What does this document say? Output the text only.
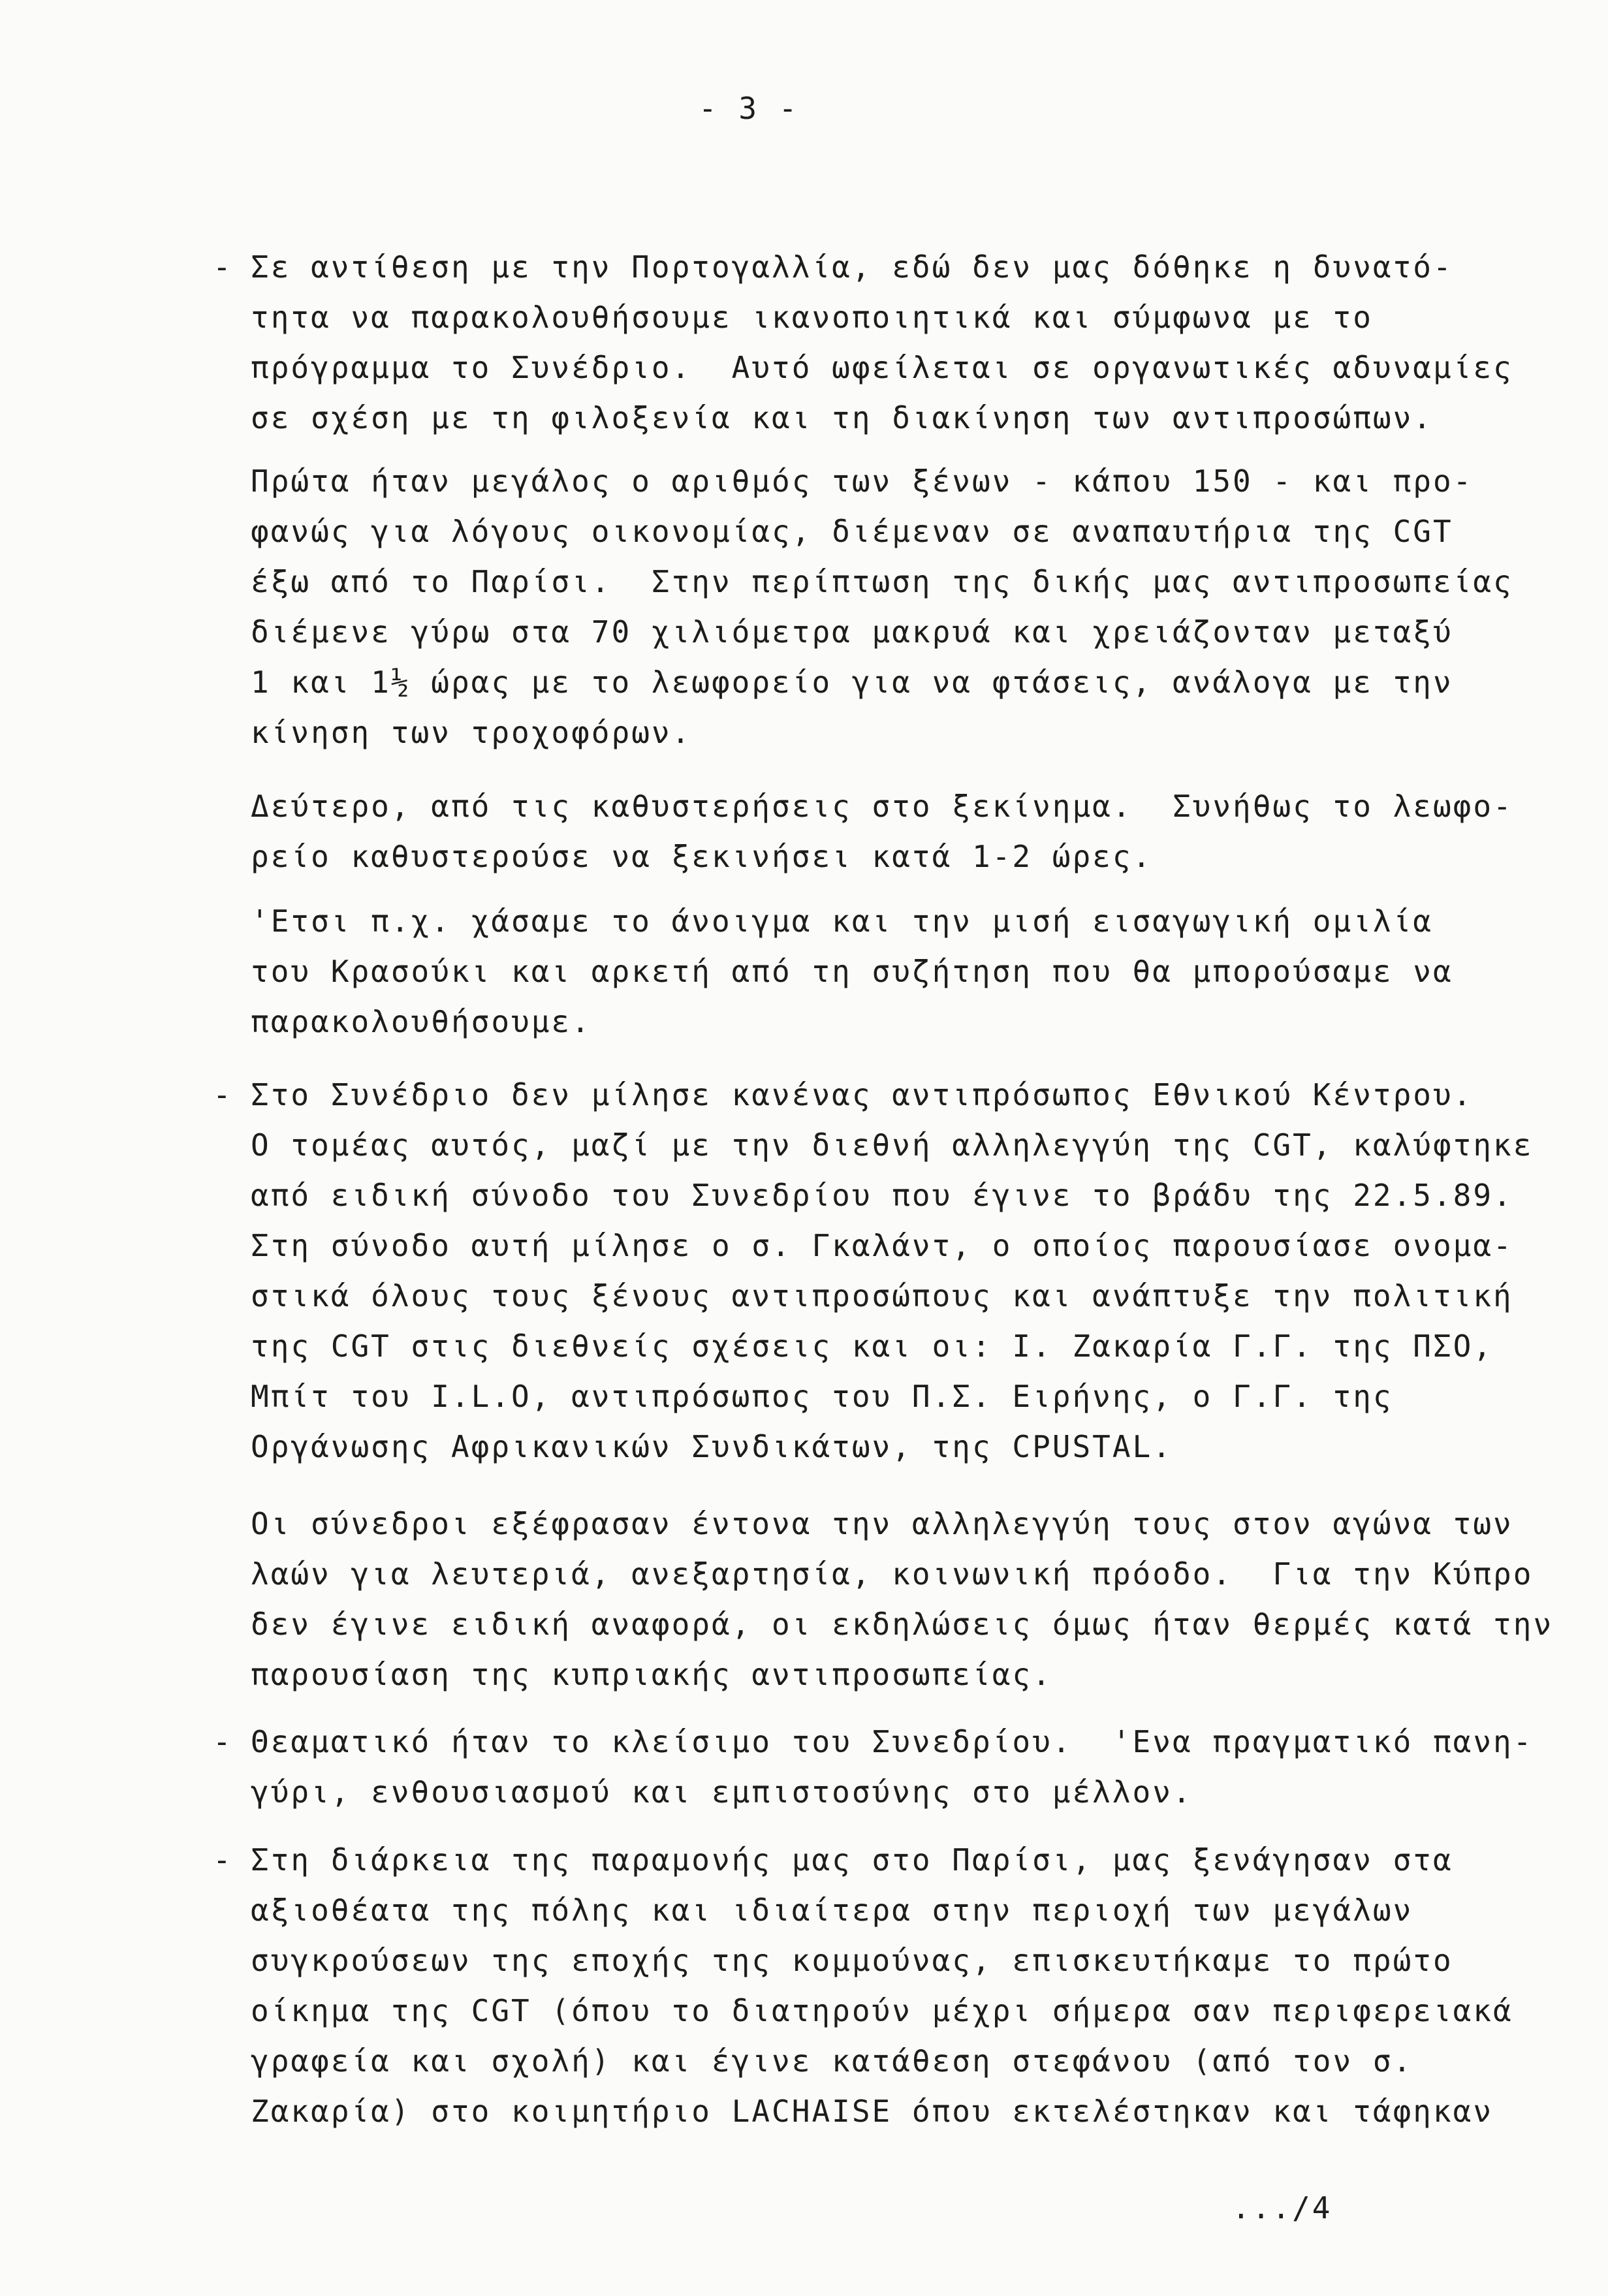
- 3 -
- Σε αντίθεση με την Πορτογαλλία, εδώ δεν μας δόθηκε η δυνατό-
τητα να παρακολουθήσουμε ικανοποιητικά και σύμφωνα με το
πρόγραμμα το Συνέδριο.  Αυτό ωφείλεται σε οργανωτικές αδυναμίες
σε σχέση με τη φιλοξενία και τη διακίνηση των αντιπροσώπων.
Πρώτα ήταν μεγάλος ο αριθμός των ξένων - κάπου 150 - και προ-
φανώς για λόγους οικονομίας, διέμεναν σε αναπαυτήρια της CGT
έξω από το Παρίσι.  Στην περίπτωση της δικής μας αντιπροσωπείας
διέμενε γύρω στα 70 χιλιόμετρα μακρυά και χρειάζονταν μεταξύ
1 και 1½ ώρας με το λεωφορείο για να φτάσεις, ανάλογα με την
κίνηση των τροχοφόρων.
Δεύτερο, από τις καθυστερήσεις στο ξεκίνημα.  Συνήθως το λεωφο-
ρείο καθυστερούσε να ξεκινήσει κατά 1-2 ώρες.
'Ετσι π.χ. χάσαμε το άνοιγμα και την μισή εισαγωγική ομιλία
του Κρασούκι και αρκετή από τη συζήτηση που θα μπορούσαμε να
παρακολουθήσουμε.
- Στο Συνέδριο δεν μίλησε κανένας αντιπρόσωπος Εθνικού Κέντρου.
Ο τομέας αυτός, μαζί με την διεθνή αλληλεγγύη της CGT, καλύφτηκε
από ειδική σύνοδο του Συνεδρίου που έγινε το βράδυ της 22.5.89.
Στη σύνοδο αυτή μίλησε ο σ. Γκαλάντ, ο οποίος παρουσίασε ονομα-
στικά όλους τους ξένους αντιπροσώπους και ανάπτυξε την πολιτική
της CGT στις διεθνείς σχέσεις και οι: Ι. Ζακαρία Γ.Γ. της ΠΣΟ,
Μπίτ του I.L.O, αντιπρόσωπος του Π.Σ. Ειρήνης, ο Γ.Γ. της
Οργάνωσης Αφρικανικών Συνδικάτων, της CPUSTAL.
Οι σύνεδροι εξέφρασαν έντονα την αλληλεγγύη τους στον αγώνα των
λαών για λευτεριά, ανεξαρτησία, κοινωνική πρόοδο.  Για την Κύπρο
δεν έγινε ειδική αναφορά, οι εκδηλώσεις όμως ήταν θερμές κατά την
παρουσίαση της κυπριακής αντιπροσωπείας.
- Θεαματικό ήταν το κλείσιμο του Συνεδρίου.  'Ενα πραγματικό πανη-
γύρι, ενθουσιασμού και εμπιστοσύνης στο μέλλον.
- Στη διάρκεια της παραμονής μας στο Παρίσι, μας ξενάγησαν στα
αξιοθέατα της πόλης και ιδιαίτερα στην περιοχή των μεγάλων
συγκρούσεων της εποχής της κομμούνας, επισκευτήκαμε το πρώτο
οίκημα της CGT (όπου το διατηρούν μέχρι σήμερα σαν περιφερειακά
γραφεία και σχολή) και έγινε κατάθεση στεφάνου (από τον σ.
Ζακαρία) στο κοιμητήριο LACHAISE όπου εκτελέστηκαν και τάφηκαν
.../4
